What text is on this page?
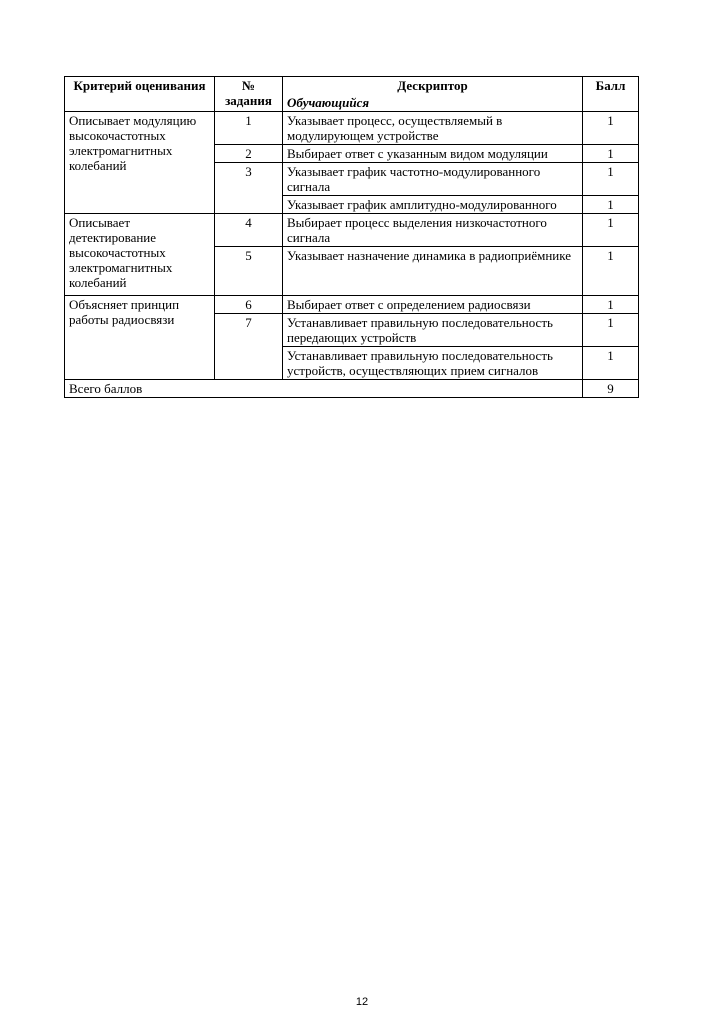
Критерий оценивания	№ задания	Дескриптор	Балл
		Обучающийся	
Описывает модуляцию высокочастотных электромагнитных колебаний	1	Указывает процесс, осуществляемый в модулирующем устройстве	1
	2	Выбирает ответ с указанным видом модуляции	1
	3	Указывает график частотно-модулированного сигнала	1
		Указывает график амплитудно-модулированного	1
Описывает детектирование высокочастотных электромагнитных колебаний	4	Выбирает процесс выделения низкочастотного сигнала	1
	5	Указывает назначение динамика в радиоприёмнике	1
Объясняет принцип работы радиосвязи	6	Выбирает ответ с определением радиосвязи	1
	7	Устанавливает правильную последовательность передающих устройств	1
		Устанавливает правильную последовательность устройств, осуществляющих прием сигналов	1
Всего баллов			9
12
